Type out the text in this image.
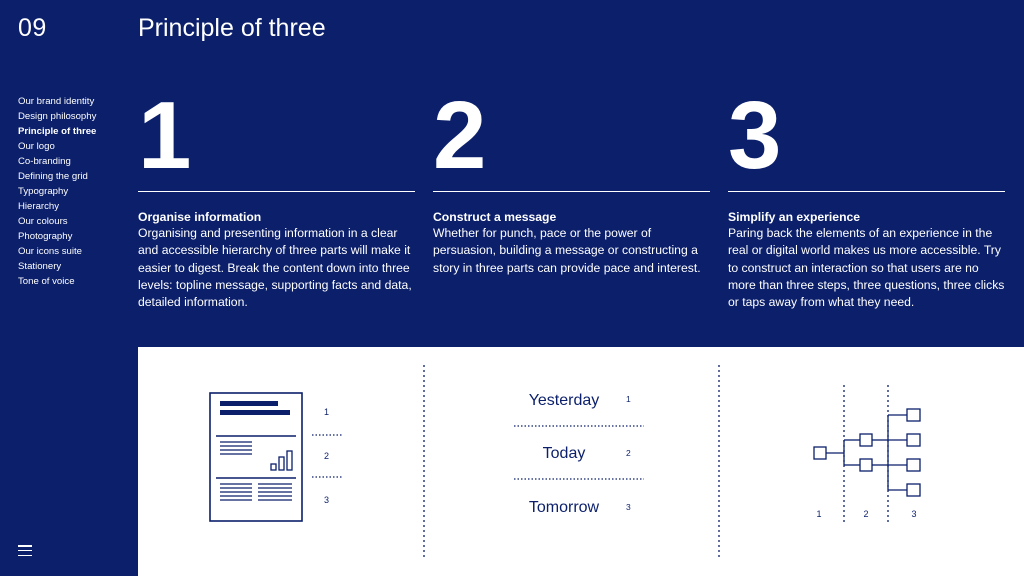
09	Principle of three
Our brand identity
Design philosophy
Principle of three
Our logo
Co-branding
Defining the grid
Typography
Hierarchy
Our colours
Photography
Our icons suite
Stationery
Tone of voice
1
Organise information
Organising and presenting information in a clear and accessible hierarchy of three parts will make it easier to digest. Break the content down into three levels: topline message, supporting facts and data, detailed information.
2
Construct a message
Whether for punch, pace or the power of persuasion, building a message or constructing a story in three parts can provide pace and interest.
3
Simplify an experience
Paring back the elements of an experience in the real or digital world makes us more accessible. Try to construct an interaction so that users are no more than three steps, three questions, three clicks or taps away from what they need.
1
2
3
Yesterday	1
Today	2
Tomorrow	3
1	2	3
